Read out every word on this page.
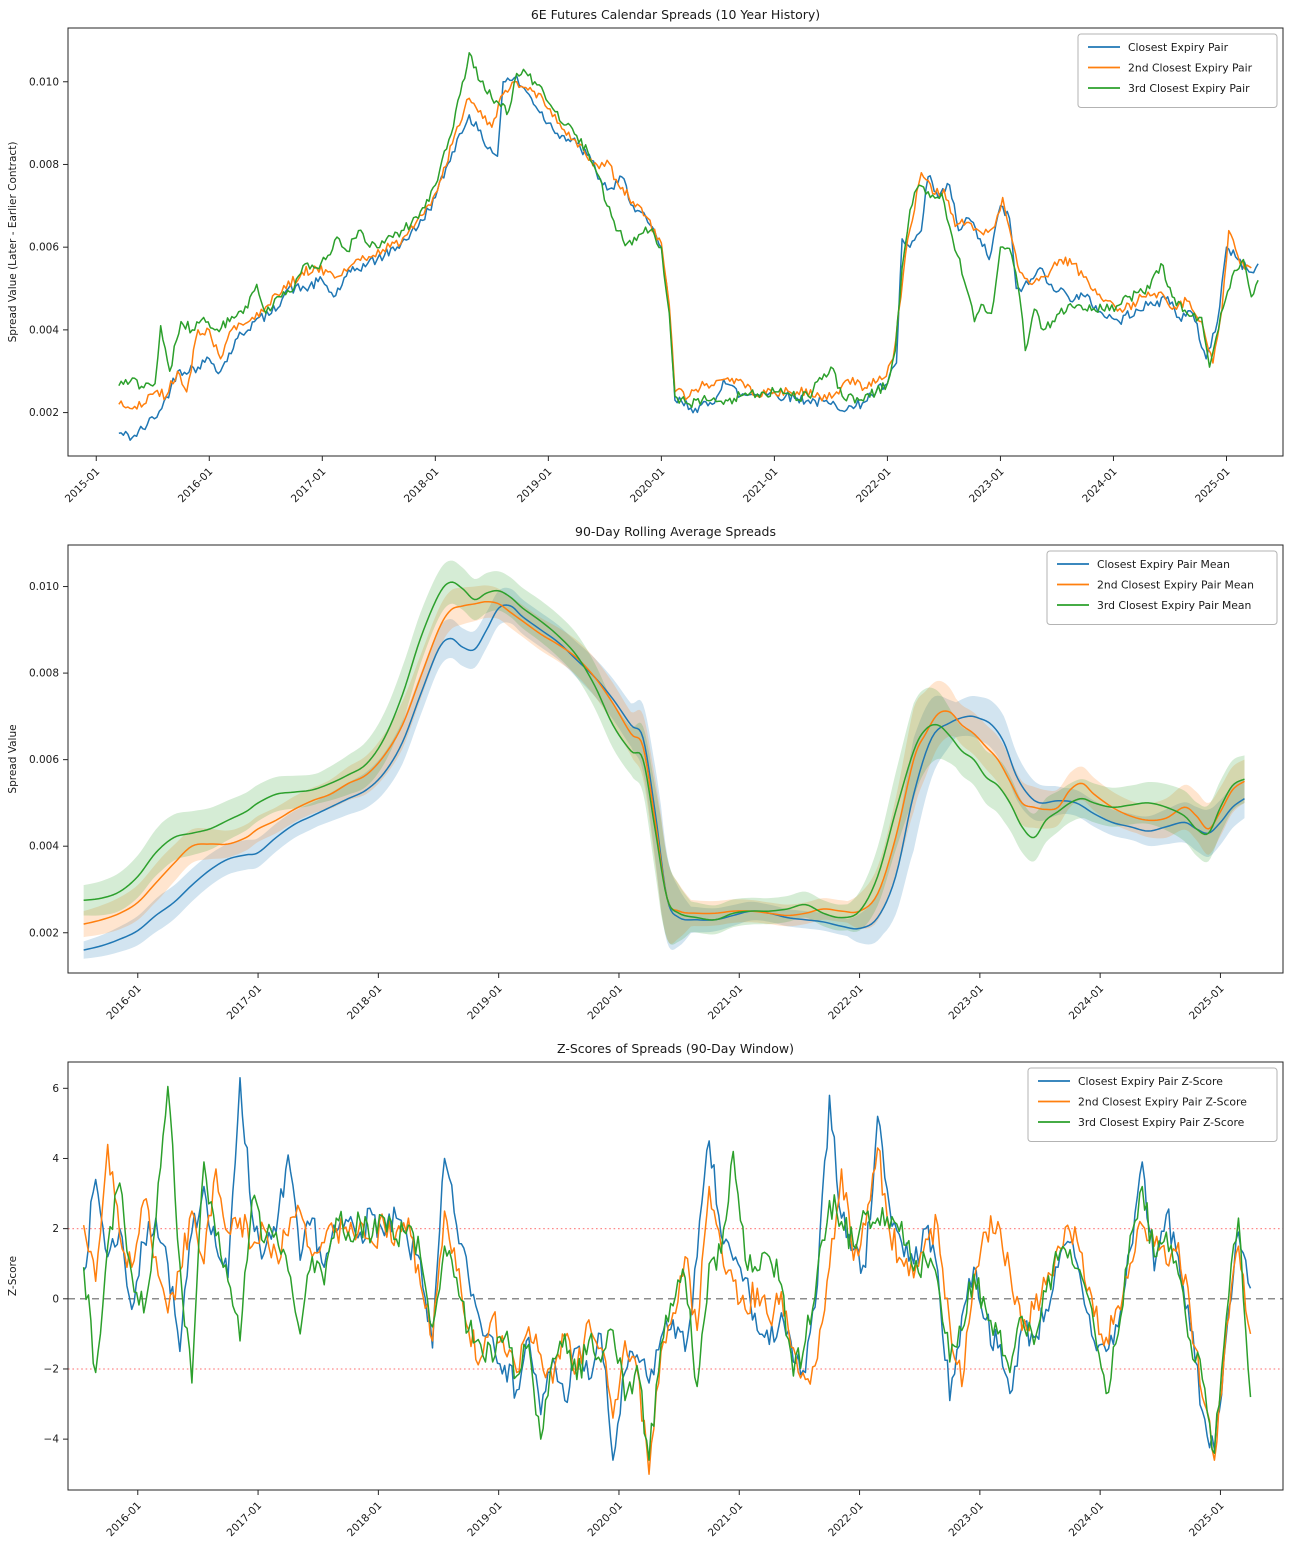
6E Futures Calendar Spreads (10 Year History)
Spread Value (Later - Earlier Contract)
2015-01	2016-01	2017-01	2018-01	2019-01	2020-01	2021-01	2022-01	2023-01	2024-01	2025-01
0.002
0.004
0.006
0.008
0.010
Closest Expiry Pair
2nd Closest Expiry Pair
3rd Closest Expiry Pair
90-Day Rolling Average Spreads
Spread Value
2016-01	2017-01	2018-01	2019-01	2020-01	2021-01	2022-01	2023-01	2024-01	2025-01
0.002
0.004
0.006
0.008
0.010
Closest Expiry Pair Mean
2nd Closest Expiry Pair Mean
3rd Closest Expiry Pair Mean
Z-Scores of Spreads (90-Day Window)
Z-Score
2016-01	2017-01	2018-01	2019-01	2020-01	2021-01	2022-01	2023-01	2024-01	2025-01
−4
−2
0
2
4
6
Closest Expiry Pair Z-Score
2nd Closest Expiry Pair Z-Score
3rd Closest Expiry Pair Z-Score
